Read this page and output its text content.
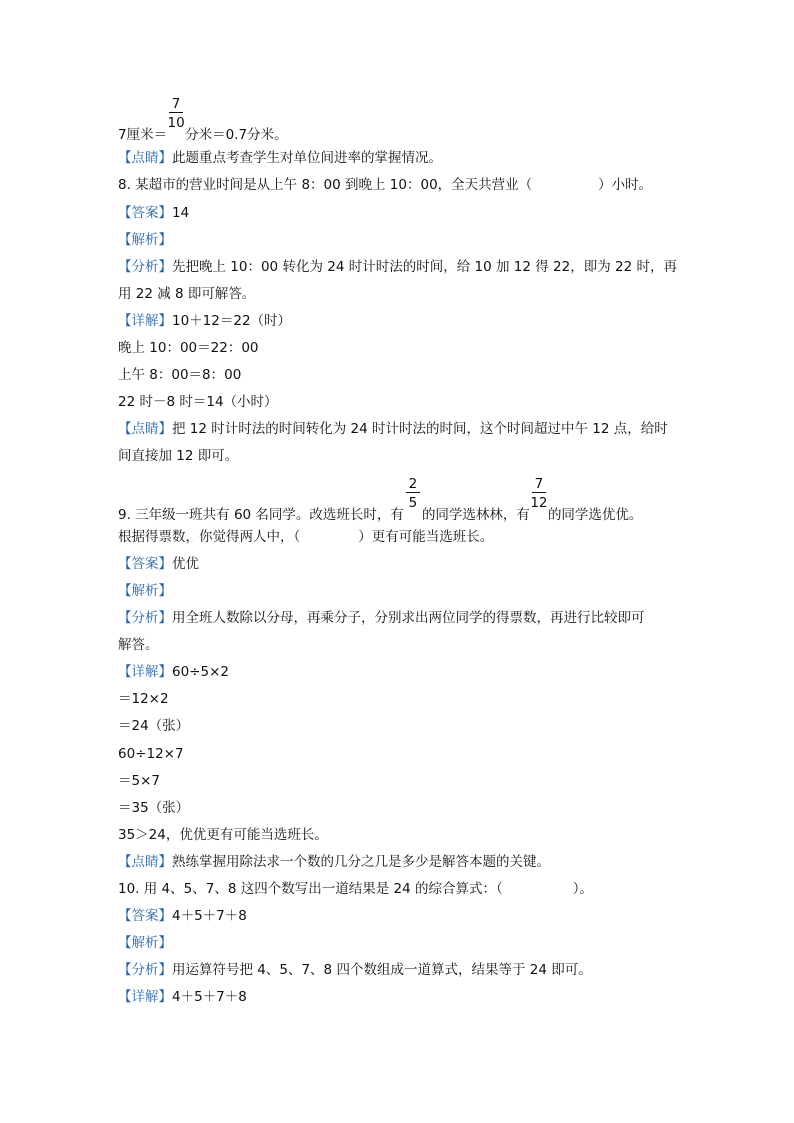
7厘米＝ $\frac{7}{10}$ 分米＝0.7分米。
【点睛】此题重点考查学生对单位间进率的掌握情况。
8. 某超市的营业时间是从上午 8：00 到晚上 10：00，全天共营业（	）小时。
【答案】14
【解析】
【分析】先把晚上 10：00 转化为 24 时计时法的时间，给 10 加 12 得 22，即为 22 时，再
用 22 减 8 即可解答。
【详解】10＋12＝22（时）
晚上 10：00＝22：00
上午 8：00＝8：00
22 时－8 时＝14（小时）
【点睛】把 12 时计时法的时间转化为 24 时计时法的时间，这个时间超过中午 12 点，给时
间直接加 12 即可。
9. 三年级一班共有 60 名同学。改选班长时，有 $\frac{2}{5}$ 的同学选林林，有 $\frac{7}{12}$ 的同学选优优。
根据得票数，你觉得两人中，（	）更有可能当选班长。
【答案】优优
【解析】
【分析】用全班人数除以分母，再乘分子，分别求出两位同学的得票数，再进行比较即可
解答。
【详解】60÷5×2
＝12×2
＝24（张）
60÷12×7
＝5×7
＝35（张）
35＞24，优优更有可能当选班长。
【点睛】熟练掌握用除法求一个数的几分之几是多少是解答本题的关键。
10. 用 4、5、7、8 这四个数写出一道结果是 24 的综合算式：（	）。
【答案】4＋5＋7＋8
【解析】
【分析】用运算符号把 4、5、7、8 四个数组成一道算式，结果等于 24 即可。
【详解】4＋5＋7＋8
